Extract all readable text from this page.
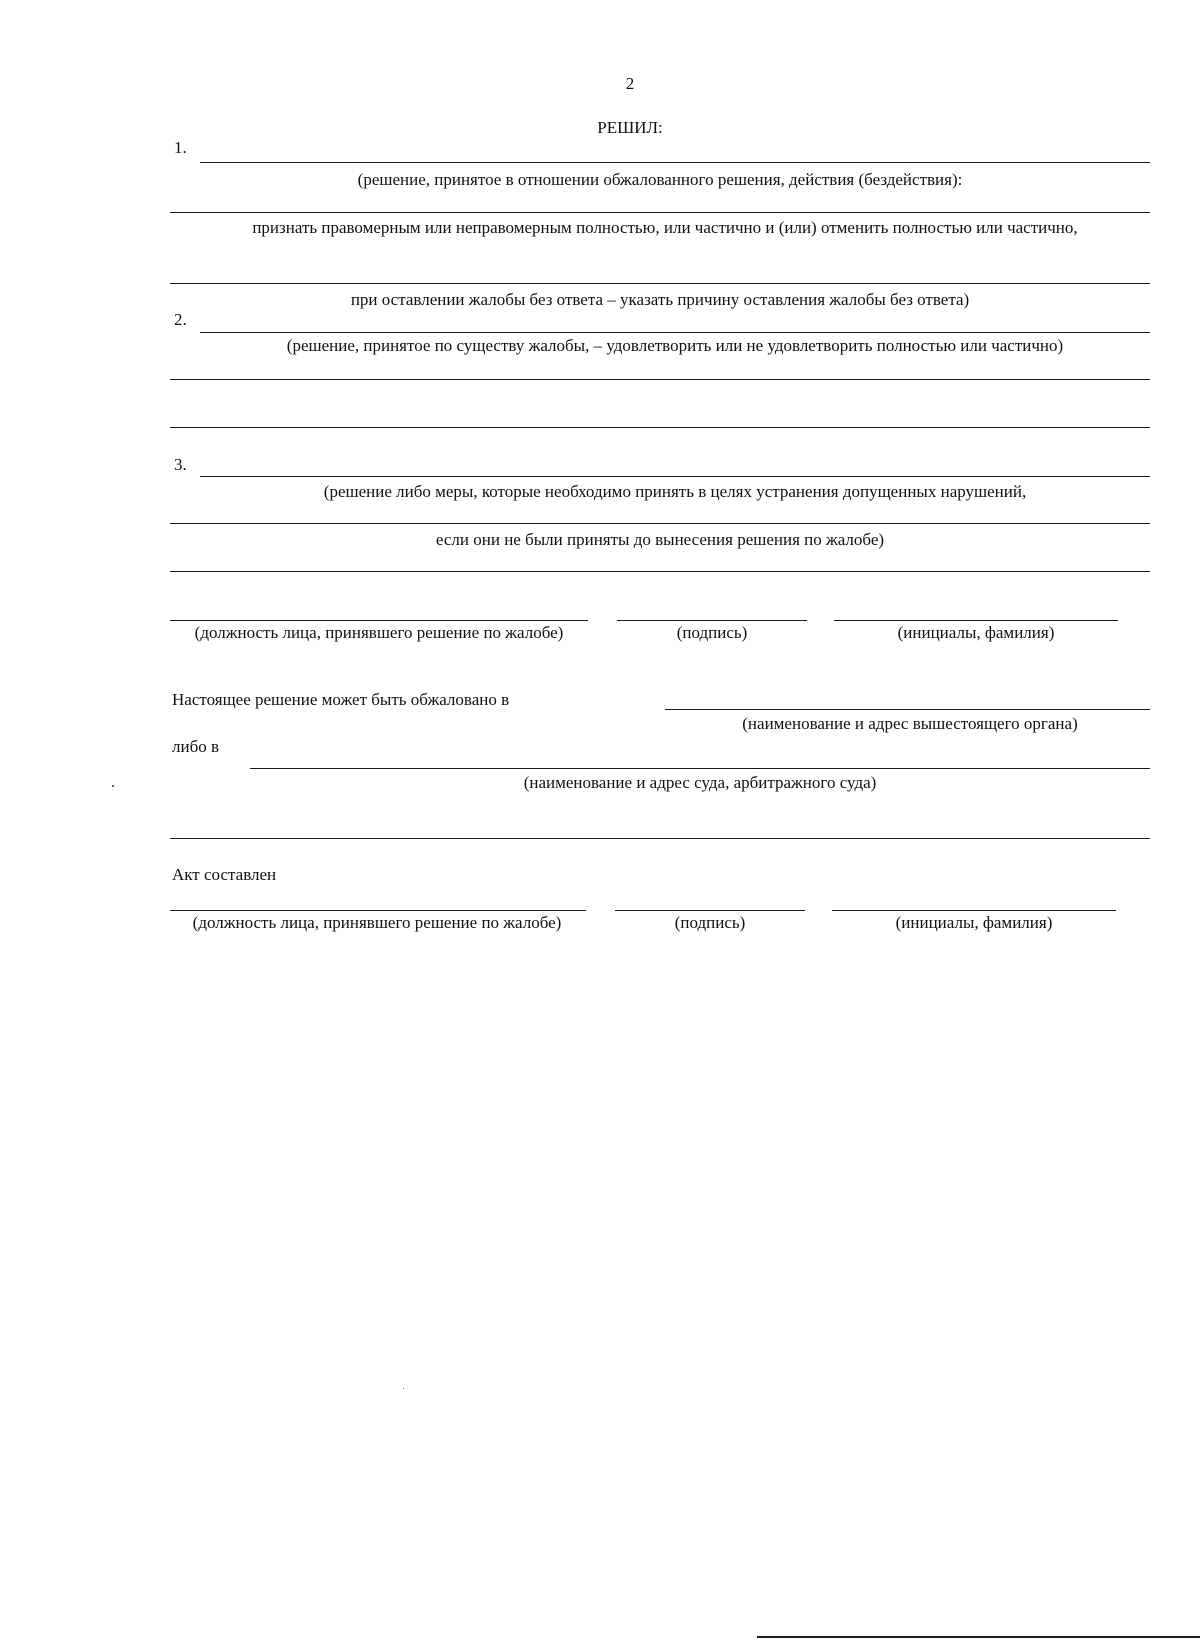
2
РЕШИЛ:
1.
(решение, принятое в отношении обжалованного решения, действия (бездействия):
признать правомерным или неправомерным полностью, или частично и (или) отменить полностью или частично,
при оставлении жалобы без ответа – указать причину оставления жалобы без ответа)
2.
(решение, принятое по существу жалобы, – удовлетворить или не удовлетворить полностью или частично)
3.
(решение либо меры, которые необходимо принять в целях устранения допущенных нарушений,
если они не были приняты до вынесения решения по жалобе)
(должность лица, принявшего решение по жалобе)	(подпись)	(инициалы, фамилия)
Настоящее решение может быть обжаловано в
(наименование и адрес вышестоящего органа)
либо в
(наименование и адрес суда, арбитражного суда)
Акт составлен
(должность лица, принявшего решение по жалобе)	(подпись)	(инициалы, фамилия)
